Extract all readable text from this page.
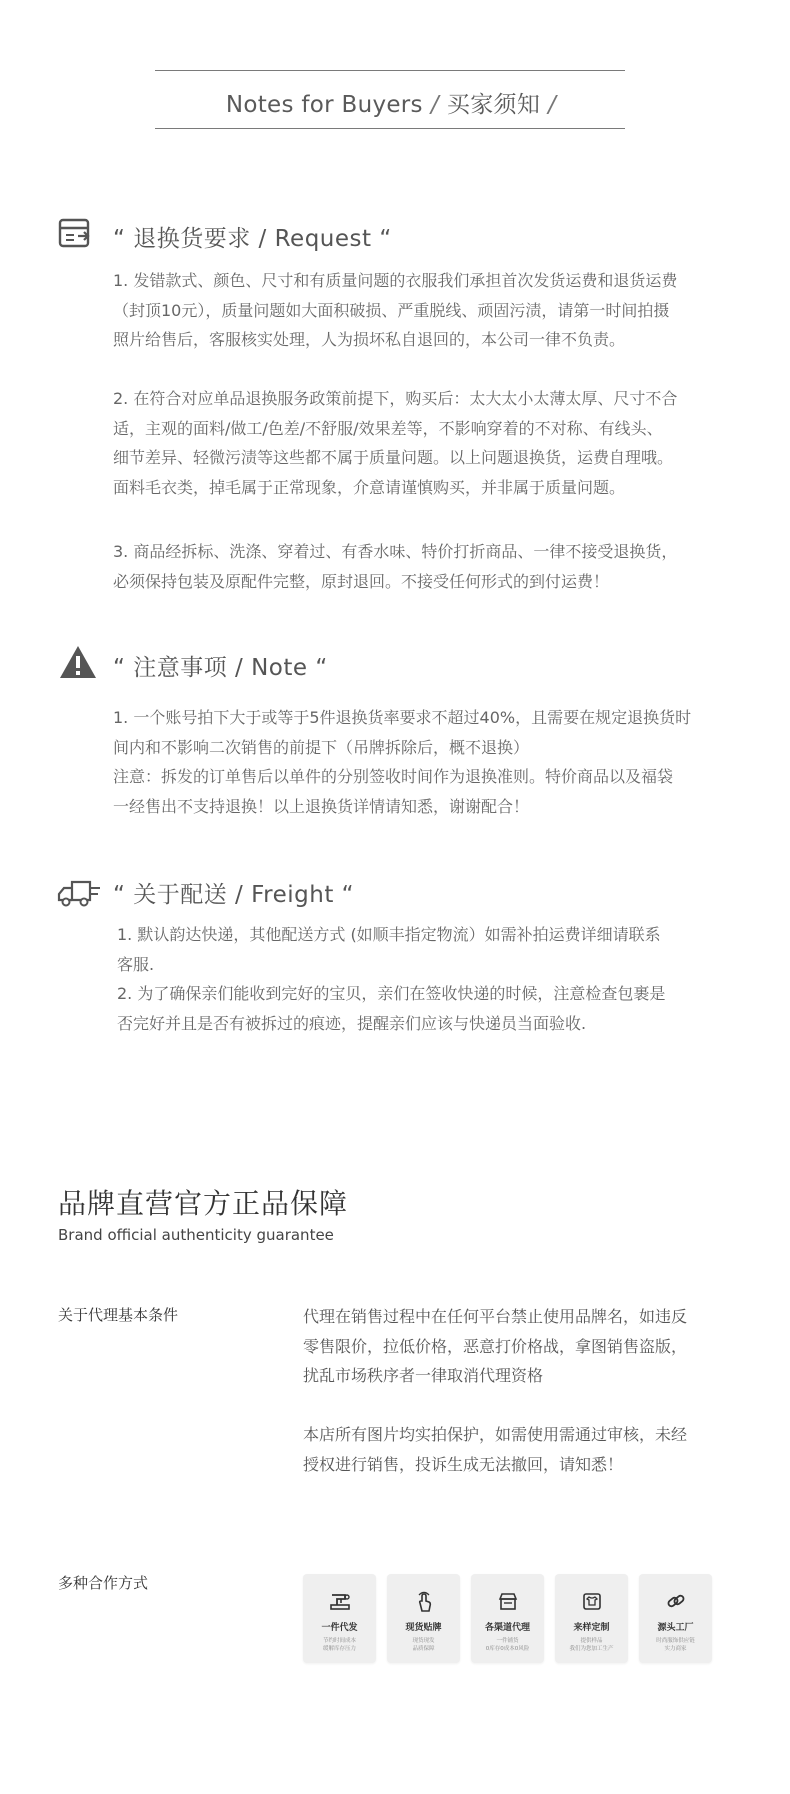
Notes for Buyers / 买家须知 /
“ 退换货要求 / Request “
1. 发错款式、颜色、尺寸和有质量问题的衣服我们承担首次发货运费和退货运费
（封顶10元），质量问题如大面积破损、严重脱线、顽固污渍，请第一时间拍摄
照片给售后，客服核实处理，人为损坏私自退回的，本公司一律不负责。
2. 在符合对应单品退换服务政策前提下，购买后：太大太小太薄太厚、尺寸不合
适，主观的面料/做工/色差/不舒服/效果差等，不影响穿着的不对称、有线头、
细节差异、轻微污渍等这些都不属于质量问题。以上问题退换货，运费自理哦。
面料毛衣类，掉毛属于正常现象，介意请谨慎购买，并非属于质量问题。
3. 商品经拆标、洗涤、穿着过、有香水味、特价打折商品、一律不接受退换货，
必须保持包装及原配件完整，原封退回。不接受任何形式的到付运费！
“ 注意事项 / Note “
1. 一个账号拍下大于或等于5件退换货率要求不超过40%，且需要在规定退换货时
间内和不影响二次销售的前提下（吊牌拆除后，概不退换）
注意：拆发的订单售后以单件的分别签收时间作为退换准则。特价商品以及福袋
一经售出不支持退换！以上退换货详情请知悉，谢谢配合！
“ 关于配送 / Freight “
1. 默认韵达快递，其他配送方式 (如顺丰指定物流）如需补拍运费详细请联系
客服.
2. 为了确保亲们能收到完好的宝贝，亲们在签收快递的时候，注意检查包裹是
否完好并且是否有被拆过的痕迹，提醒亲们应该与快递员当面验收.
品牌直营官方正品保障
Brand official authenticity guarantee
关于代理基本条件	代理在销售过程中在任何平台禁止使用品牌名，如违反
零售限价，拉低价格，恶意打价格战，拿图销售盗版，
扰乱市场秩序者一律取消代理资格
本店所有图片均实拍保护，如需使用需通过审核，未经
授权进行销售，投诉生成无法撤回，请知悉！
多种合作方式
一件代发
节约时间成本
缓解库存压力
现货贴牌
现货现发
品质保障
各渠道代理
一件铺货
0库存0成本0风险
来样定制
提供样品
我们为您加工生产
源头工厂
时尚服饰供应链
实力商家
